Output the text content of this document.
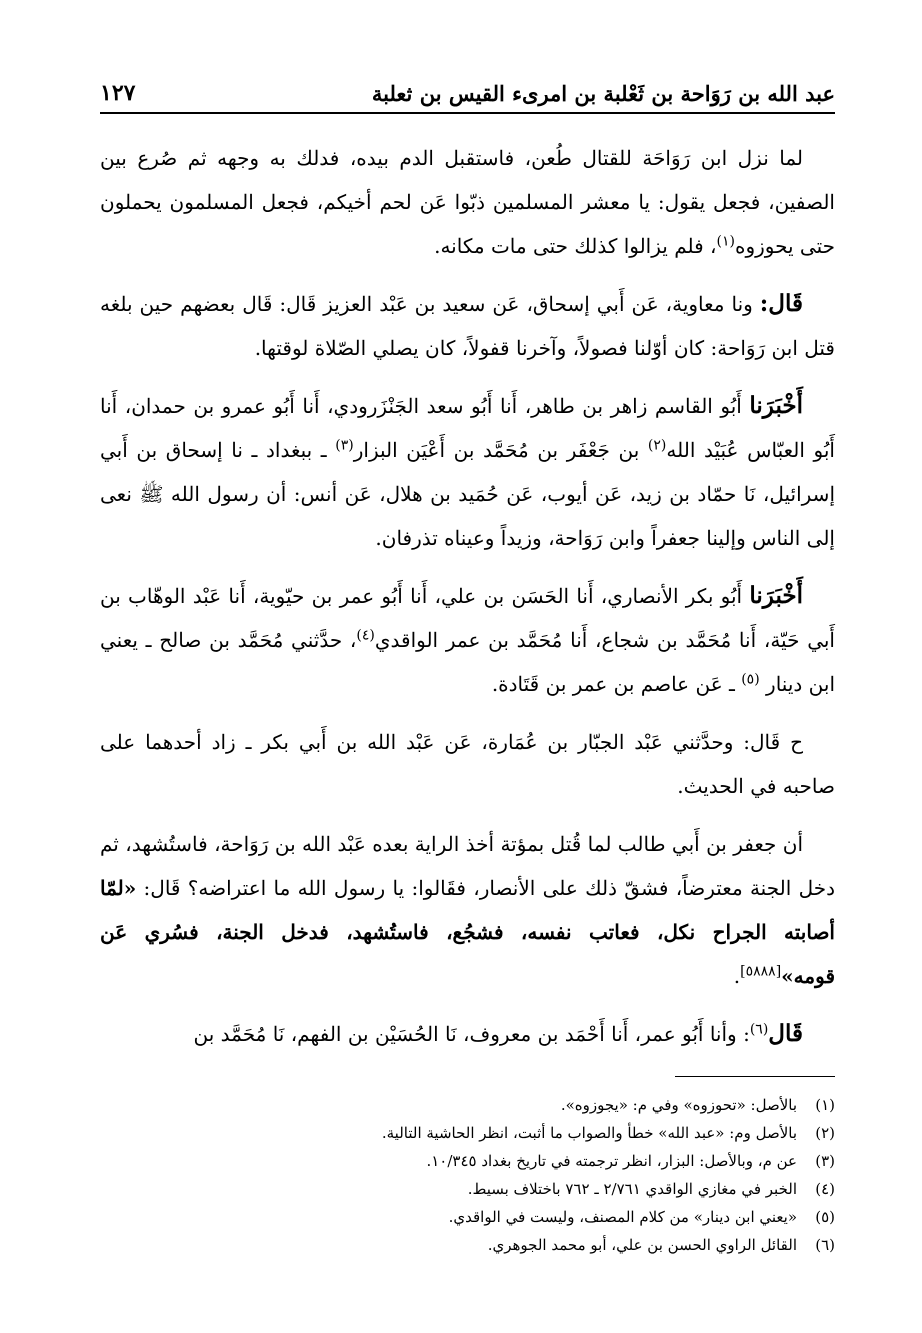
عبد الله بن رَوَاحة بن ثَعْلبة بن امرىء القيس بن ثعلبة
١٢٧

لما نزل ابن رَوَاحَة للقتال طُعن، فاستقبل الدم بيده، فدلك به وجهه ثم صُرع بين الصفين، فجعل يقول: يا معشر المسلمين ذبّوا عَن لحم أخيكم، فجعل المسلمون يحملون حتى يحوزوه$^{(١)}$، فلم يزالوا كذلك حتى مات مكانه.

قَال: ونا معاوية، عَن أَبي إسحاق، عَن سعيد بن عَبْد العزيز قَال: قَال بعضهم حين بلغه قتل ابن رَوَاحة: كان أوّلنا فصولاً، وآخرنا قفولاً، كان يصلي الصّلاة لوقتها.

أَخْبَرَنا أَبُو القاسم زاهر بن طاهر، أَنا أَبُو سعد الجَنْزَرودي، أَنا أَبُو عمرو بن حمدان، أَنا أَبُو العبّاس عُبَيْد الله$^{(٢)}$ بن جَعْفَر بن مُحَمَّد بن أَعْيَن البزار$^{(٣)}$ ـ ببغداد ـ نا إسحاق بن أَبي إسرائيل، نَا حمّاد بن زيد، عَن أيوب، عَن حُمَيد بن هلال، عَن أنس: أن رسول الله ﷺ نعى إلى الناس وإلينا جعفراً وابن رَوَاحة، وزيداً وعيناه تذرفان.

أَخْبَرَنا أَبُو بكر الأنصاري، أَنا الحَسَن بن علي، أَنا أَبُو عمر بن حيّوية، أَنا عَبْد الوهّاب بن أَبي حَيّة، أَنا مُحَمَّد بن شجاع، أَنا مُحَمَّد بن عمر الواقدي$^{(٤)}$، حدَّثني مُحَمَّد بن صالح ـ يعني ابن دينار $^{(٥)}$ ـ عَن عاصم بن عمر بن قَتَادة.

ح قَال: وحدَّثني عَبْد الجبّار بن عُمَارة، عَن عَبْد الله بن أَبي بكر ـ زاد أحدهما على صاحبه في الحديث.

أن جعفر بن أَبي طالب لما قُتل بمؤتة أخذ الراية بعده عَبْد الله بن رَوَاحة، فاستُشهد، ثم دخل الجنة معترضاً، فشقّ ذلك على الأنصار، فقَالوا: يا رسول الله ما اعتراضه؟ قَال: «لمّا أصابته الجراح نكل، فعاتب نفسه، فشجُع، فاستُشهد، فدخل الجنة، فسُري عَن قومه»[٥٨٨٨].

قَال$^{(٦)}$: وأنا أَبُو عمر، أَنا أَحْمَد بن معروف، نَا الحُسَيْن بن الفهم، نَا مُحَمَّد بن

(١)بالأصل: «تحوزوه» وفي م: «يجوزوه».

(٢)بالأصل وم: «عبد الله» خطأ والصواب ما أثبت، انظر الحاشية التالية.

(٣)عن م، وبالأصل: البزار، انظر ترجمته في تاريخ بغداد ١٠/٣٤٥.

(٤)الخبر في مغازي الواقدي ٢/٧٦١ ـ ٧٦٢ باختلاف بسيط.

(٥)«يعني ابن دينار» من كلام المصنف، وليست في الواقدي.

(٦)القائل الراوي الحسن بن علي، أبو محمد الجوهري.
